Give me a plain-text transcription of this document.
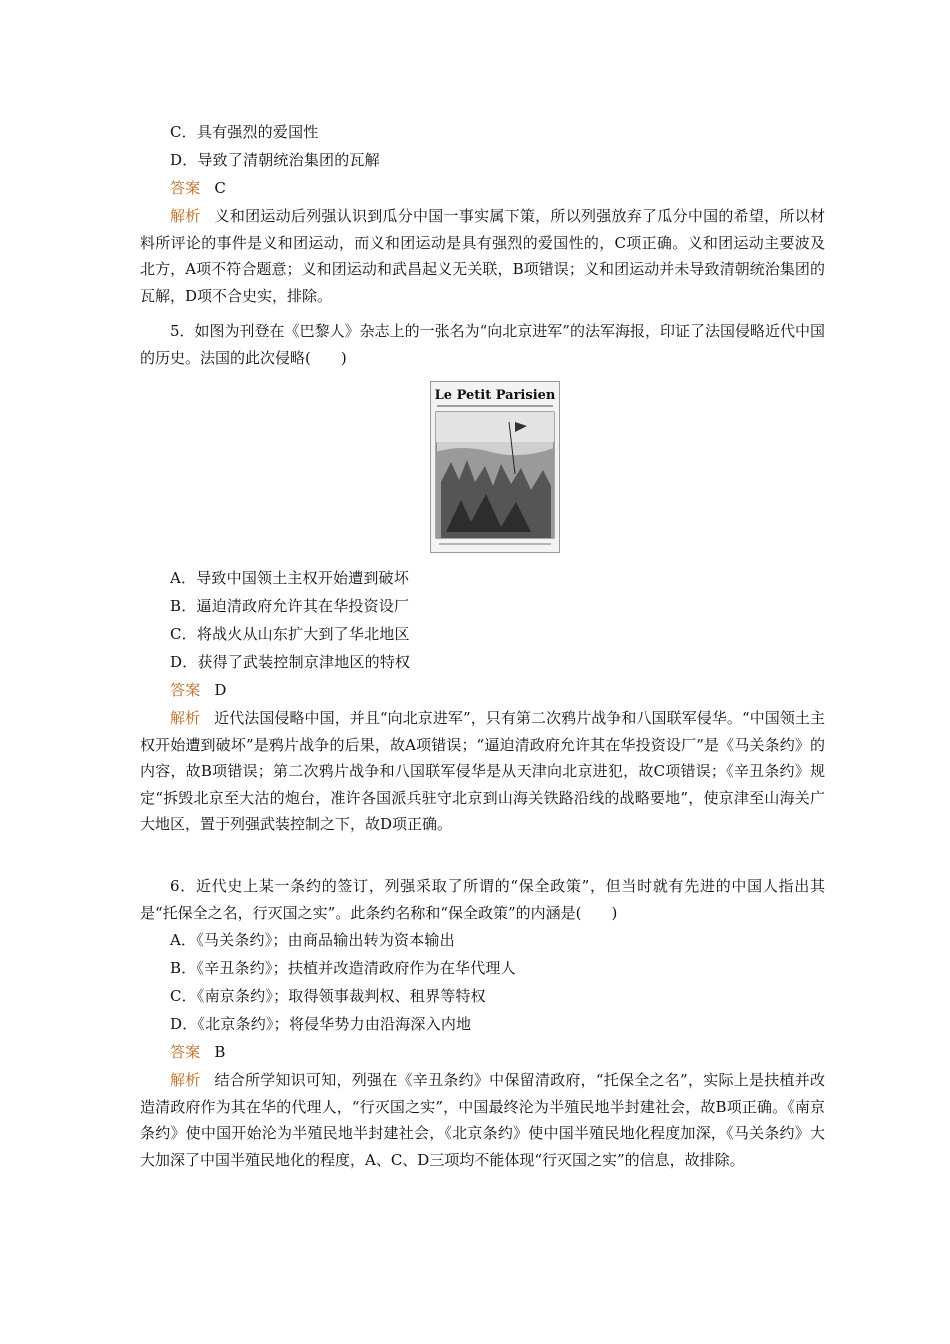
C．具有强烈的爱国性
D．导致了清朝统治集团的瓦解
答案 C

解析 义和团运动后列强认识到瓜分中国一事实属下策，所以列强放弃了瓜分中国的希望，所以材料所评论的事件是义和团运动，而义和团运动是具有强烈的爱国性的，C项正确。义和团运动主要波及北方，A项不符合题意；义和团运动和武昌起义无关联，B项错误；义和团运动并未导致清朝统治集团的瓦解，D项不合史实，排除。

5．如图为刊登在《巴黎人》杂志上的一张名为“向北京进军”的法军海报，印证了法国侵略近代中国的历史。法国的此次侵略(　　)

Le Petit Parisien
A．导致中国领土主权开始遭到破坏
B．逼迫清政府允许其在华投资设厂
C．将战火从山东扩大到了华北地区
D．获得了武装控制京津地区的特权
答案 D

解析 近代法国侵略中国，并且“向北京进军”，只有第二次鸦片战争和八国联军侵华。“中国领土主权开始遭到破坏”是鸦片战争的后果，故A项错误；“逼迫清政府允许其在华投资设厂”是《马关条约》的内容，故B项错误；第二次鸦片战争和八国联军侵华是从天津向北京进犯，故C项错误；《辛丑条约》规定“拆毁北京至大沽的炮台，准许各国派兵驻守北京到山海关铁路沿线的战略要地”，使京津至山海关广大地区，置于列强武装控制之下，故D项正确。

6．近代史上某一条约的签订，列强采取了所谓的“保全政策”，但当时就有先进的中国人指出其是“托保全之名，行灭国之实”。此条约名称和“保全政策”的内涵是(　　)

A．《马关条约》；由商品输出转为资本输出
B．《辛丑条约》；扶植并改造清政府作为在华代理人
C．《南京条约》；取得领事裁判权、租界等特权
D．《北京条约》；将侵华势力由沿海深入内地
答案 B

解析 结合所学知识可知，列强在《辛丑条约》中保留清政府，“托保全之名”，实际上是扶植并改造清政府作为其在华的代理人，“行灭国之实”，中国最终沦为半殖民地半封建社会，故B项正确。《南京条约》使中国开始沦为半殖民地半封建社会，《北京条约》使中国半殖民地化程度加深，《马关条约》大大加深了中国半殖民地化的程度，A、C、D三项均不能体现“行灭国之实”的信息，故排除。
